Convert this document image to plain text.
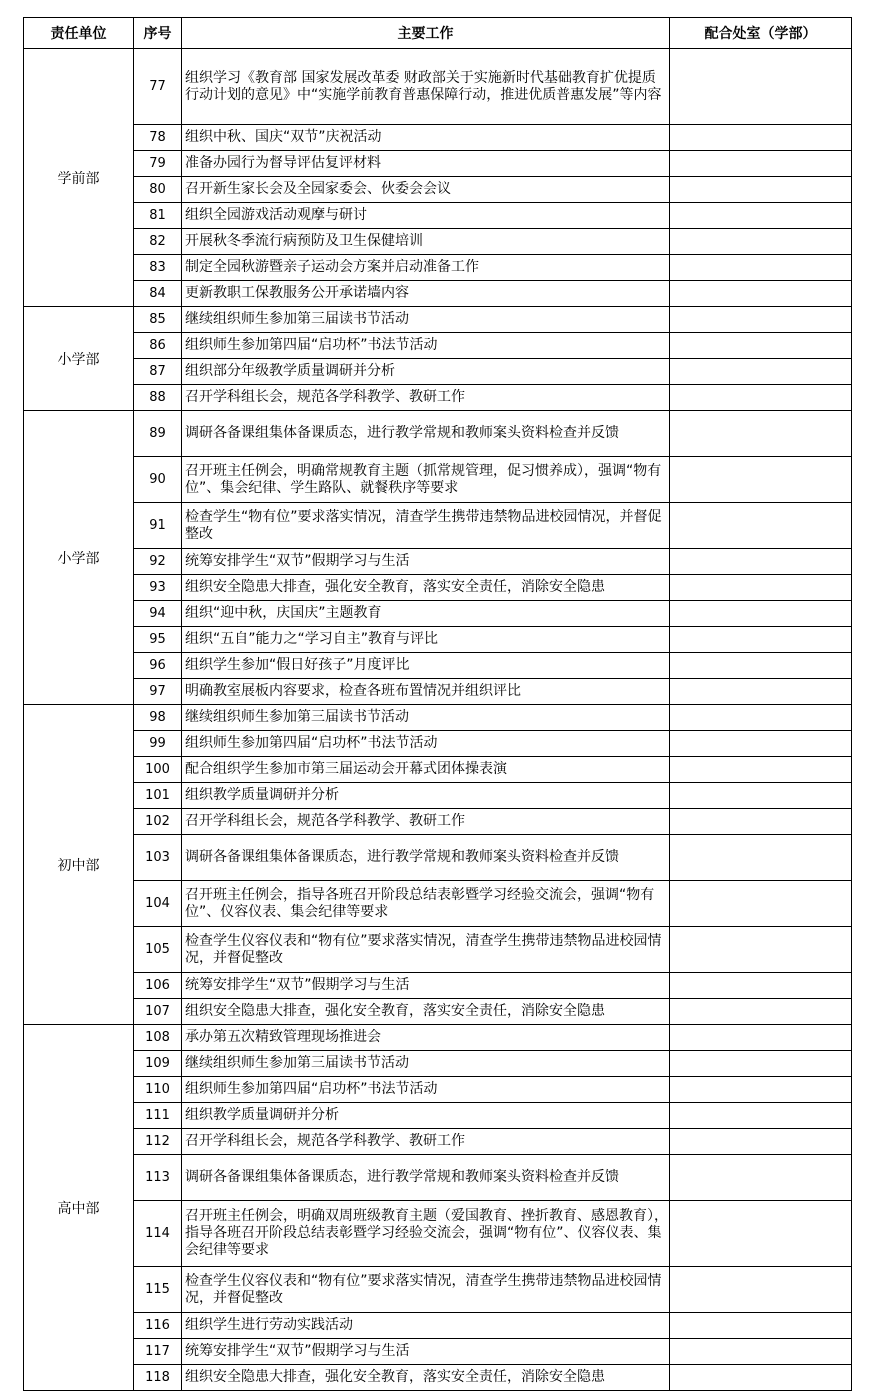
责任单位	序号	主要工作	配合处室（学部）
学前部	77	组织学习《教育部 国家发展改革委 财政部关于实施新时代基础教育扩优提质行动计划的意见》中“实施学前教育普惠保障行动，推进优质普惠发展”等内容	
	78	组织中秋、国庆“双节”庆祝活动	
	79	准备办园行为督导评估复评材料	
	80	召开新生家长会及全园家委会、伙委会会议	
	81	组织全园游戏活动观摩与研讨	
	82	开展秋冬季流行病预防及卫生保健培训	
	83	制定全园秋游暨亲子运动会方案并启动准备工作	
	84	更新教职工保教服务公开承诺墙内容	
小学部	85	继续组织师生参加第三届读书节活动	
	86	组织师生参加第四届“启功杯”书法节活动	
	87	组织部分年级教学质量调研并分析	
	88	召开学科组长会，规范各学科教学、教研工作	
小学部	89	调研各备课组集体备课质态，进行教学常规和教师案头资料检查并反馈	
	90	召开班主任例会，明确常规教育主题（抓常规管理，促习惯养成），强调“物有位”、集会纪律、学生路队、就餐秩序等要求	
	91	检查学生“物有位”要求落实情况，清查学生携带违禁物品进校园情况，并督促整改	
	92	统筹安排学生“双节”假期学习与生活	
	93	组织安全隐患大排查，强化安全教育，落实安全责任，消除安全隐患	
	94	组织“迎中秋，庆国庆”主题教育	
	95	组织“五自”能力之“学习自主”教育与评比	
	96	组织学生参加“假日好孩子”月度评比	
	97	明确教室展板内容要求，检查各班布置情况并组织评比	
初中部	98	继续组织师生参加第三届读书节活动	
	99	组织师生参加第四届“启功杯”书法节活动	
	100	配合组织学生参加市第三届运动会开幕式团体操表演	
	101	组织教学质量调研并分析	
	102	召开学科组长会，规范各学科教学、教研工作	
	103	调研各备课组集体备课质态，进行教学常规和教师案头资料检查并反馈	
	104	召开班主任例会，指导各班召开阶段总结表彰暨学习经验交流会，强调“物有位”、仪容仪表、集会纪律等要求	
	105	检查学生仪容仪表和“物有位”要求落实情况，清查学生携带违禁物品进校园情况，并督促整改	
	106	统筹安排学生“双节”假期学习与生活	
	107	组织安全隐患大排查，强化安全教育，落实安全责任，消除安全隐患	
高中部	108	承办第五次精致管理现场推进会	
	109	继续组织师生参加第三届读书节活动	
	110	组织师生参加第四届“启功杯”书法节活动	
	111	组织教学质量调研并分析	
	112	召开学科组长会，规范各学科教学、教研工作	
	113	调研各备课组集体备课质态，进行教学常规和教师案头资料检查并反馈	
	114	召开班主任例会，明确双周班级教育主题（爱国教育、挫折教育、感恩教育），指导各班召开阶段总结表彰暨学习经验交流会，强调“物有位”、仪容仪表、集会纪律等要求	
	115	检查学生仪容仪表和“物有位”要求落实情况，清查学生携带违禁物品进校园情况，并督促整改	
	116	组织学生进行劳动实践活动	
	117	统筹安排学生“双节”假期学习与生活	
	118	组织安全隐患大排查，强化安全教育，落实安全责任，消除安全隐患	
